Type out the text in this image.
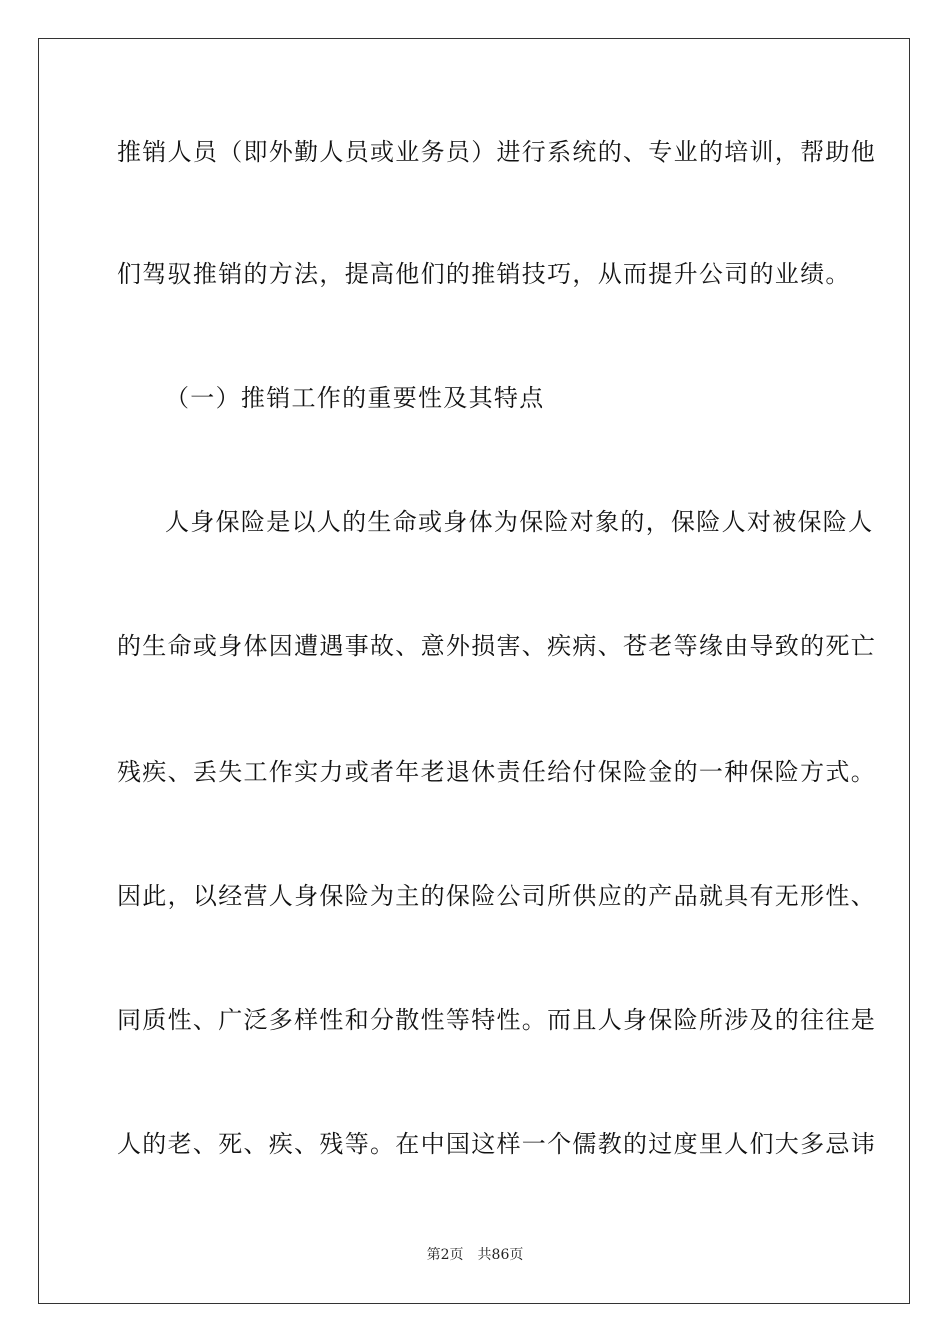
推销人员（即外勤人员或业务员）进行系统的、专业的培训，帮助他
们驾驭推销的方法，提高他们的推销技巧，从而提升公司的业绩。
（一）推销工作的重要性及其特点
人身保险是以人的生命或身体为保险对象的，保险人对被保险人
的生命或身体因遭遇事故、意外损害、疾病、苍老等缘由导致的死亡
残疾、丢失工作实力或者年老退休责任给付保险金的一种保险方式。
因此，以经营人身保险为主的保险公司所供应的产品就具有无形性、
同质性、广泛多样性和分散性等特性。而且人身保险所涉及的往往是
人的老、死、疾、残等。在中国这样一个儒教的过度里人们大多忌讳
第2页 共86页
